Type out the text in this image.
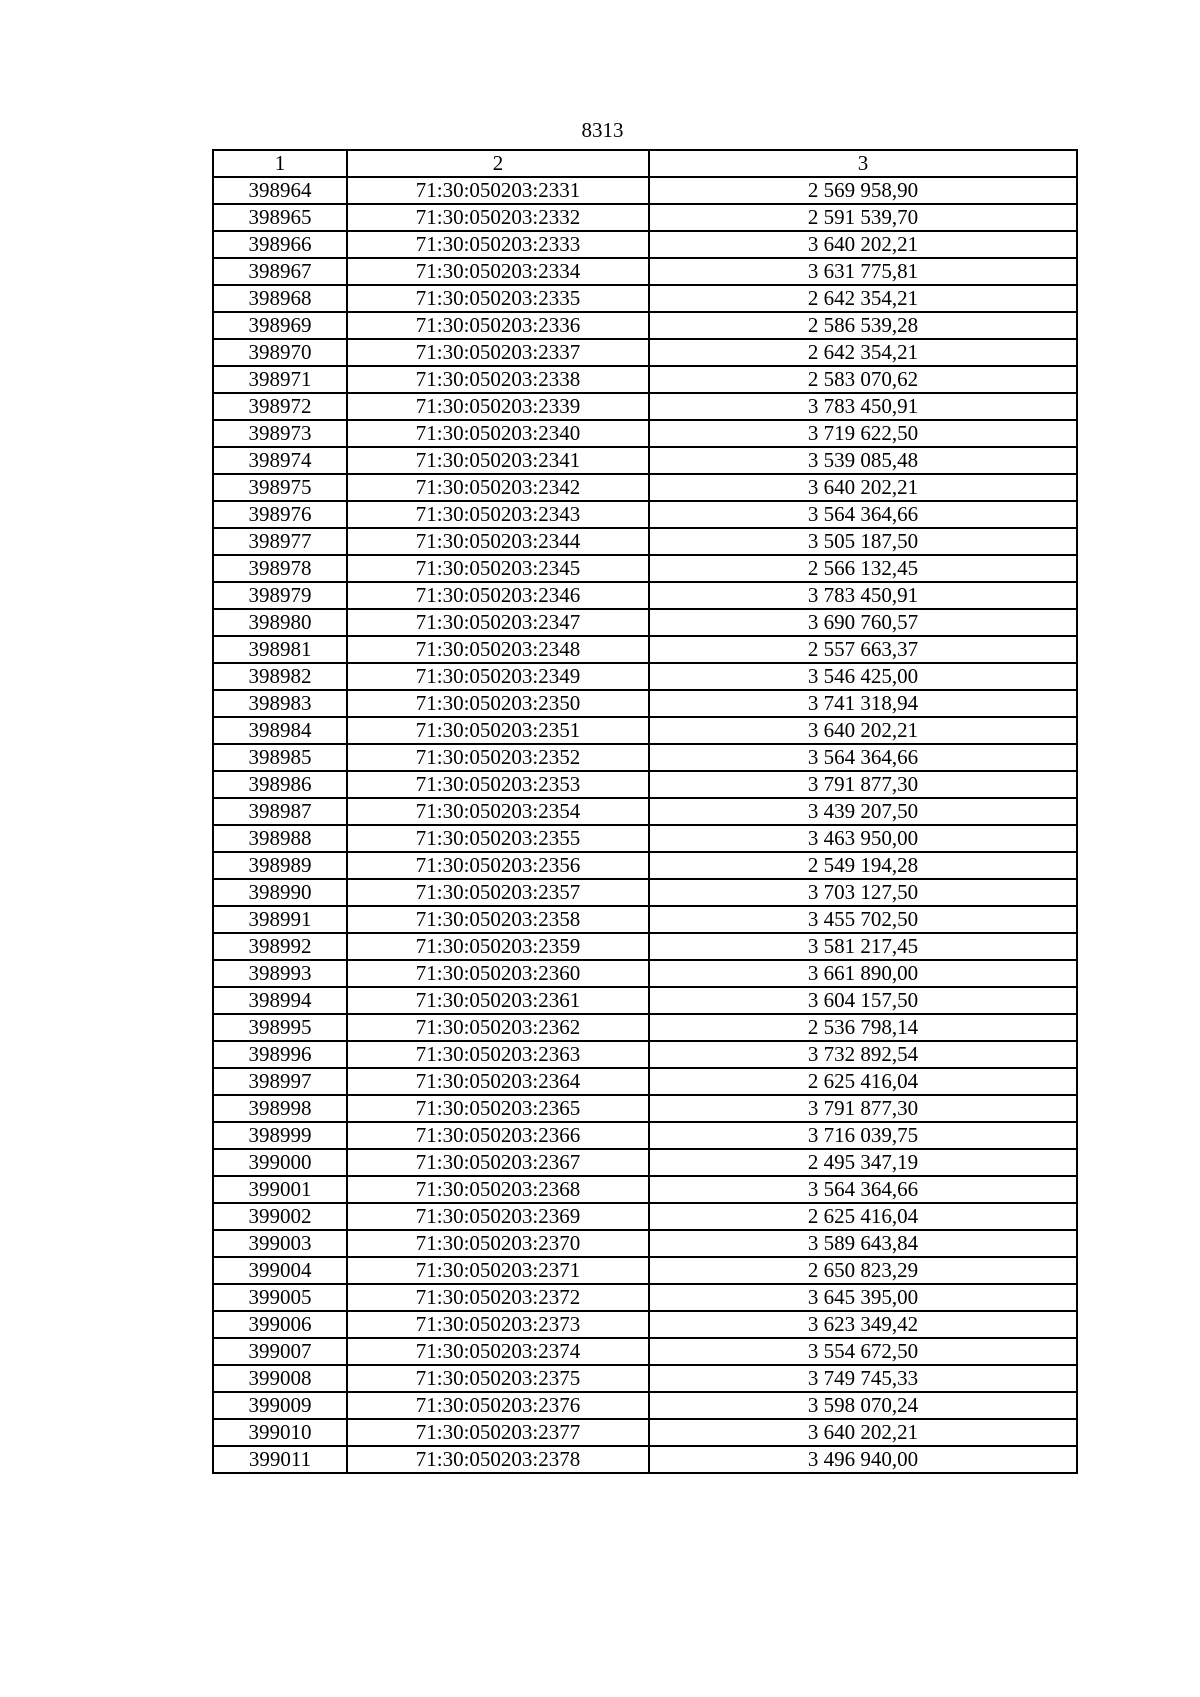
8313
1	2	3
398964	71:30:050203:2331	2 569 958,90
398965	71:30:050203:2332	2 591 539,70
398966	71:30:050203:2333	3 640 202,21
398967	71:30:050203:2334	3 631 775,81
398968	71:30:050203:2335	2 642 354,21
398969	71:30:050203:2336	2 586 539,28
398970	71:30:050203:2337	2 642 354,21
398971	71:30:050203:2338	2 583 070,62
398972	71:30:050203:2339	3 783 450,91
398973	71:30:050203:2340	3 719 622,50
398974	71:30:050203:2341	3 539 085,48
398975	71:30:050203:2342	3 640 202,21
398976	71:30:050203:2343	3 564 364,66
398977	71:30:050203:2344	3 505 187,50
398978	71:30:050203:2345	2 566 132,45
398979	71:30:050203:2346	3 783 450,91
398980	71:30:050203:2347	3 690 760,57
398981	71:30:050203:2348	2 557 663,37
398982	71:30:050203:2349	3 546 425,00
398983	71:30:050203:2350	3 741 318,94
398984	71:30:050203:2351	3 640 202,21
398985	71:30:050203:2352	3 564 364,66
398986	71:30:050203:2353	3 791 877,30
398987	71:30:050203:2354	3 439 207,50
398988	71:30:050203:2355	3 463 950,00
398989	71:30:050203:2356	2 549 194,28
398990	71:30:050203:2357	3 703 127,50
398991	71:30:050203:2358	3 455 702,50
398992	71:30:050203:2359	3 581 217,45
398993	71:30:050203:2360	3 661 890,00
398994	71:30:050203:2361	3 604 157,50
398995	71:30:050203:2362	2 536 798,14
398996	71:30:050203:2363	3 732 892,54
398997	71:30:050203:2364	2 625 416,04
398998	71:30:050203:2365	3 791 877,30
398999	71:30:050203:2366	3 716 039,75
399000	71:30:050203:2367	2 495 347,19
399001	71:30:050203:2368	3 564 364,66
399002	71:30:050203:2369	2 625 416,04
399003	71:30:050203:2370	3 589 643,84
399004	71:30:050203:2371	2 650 823,29
399005	71:30:050203:2372	3 645 395,00
399006	71:30:050203:2373	3 623 349,42
399007	71:30:050203:2374	3 554 672,50
399008	71:30:050203:2375	3 749 745,33
399009	71:30:050203:2376	3 598 070,24
399010	71:30:050203:2377	3 640 202,21
399011	71:30:050203:2378	3 496 940,00
